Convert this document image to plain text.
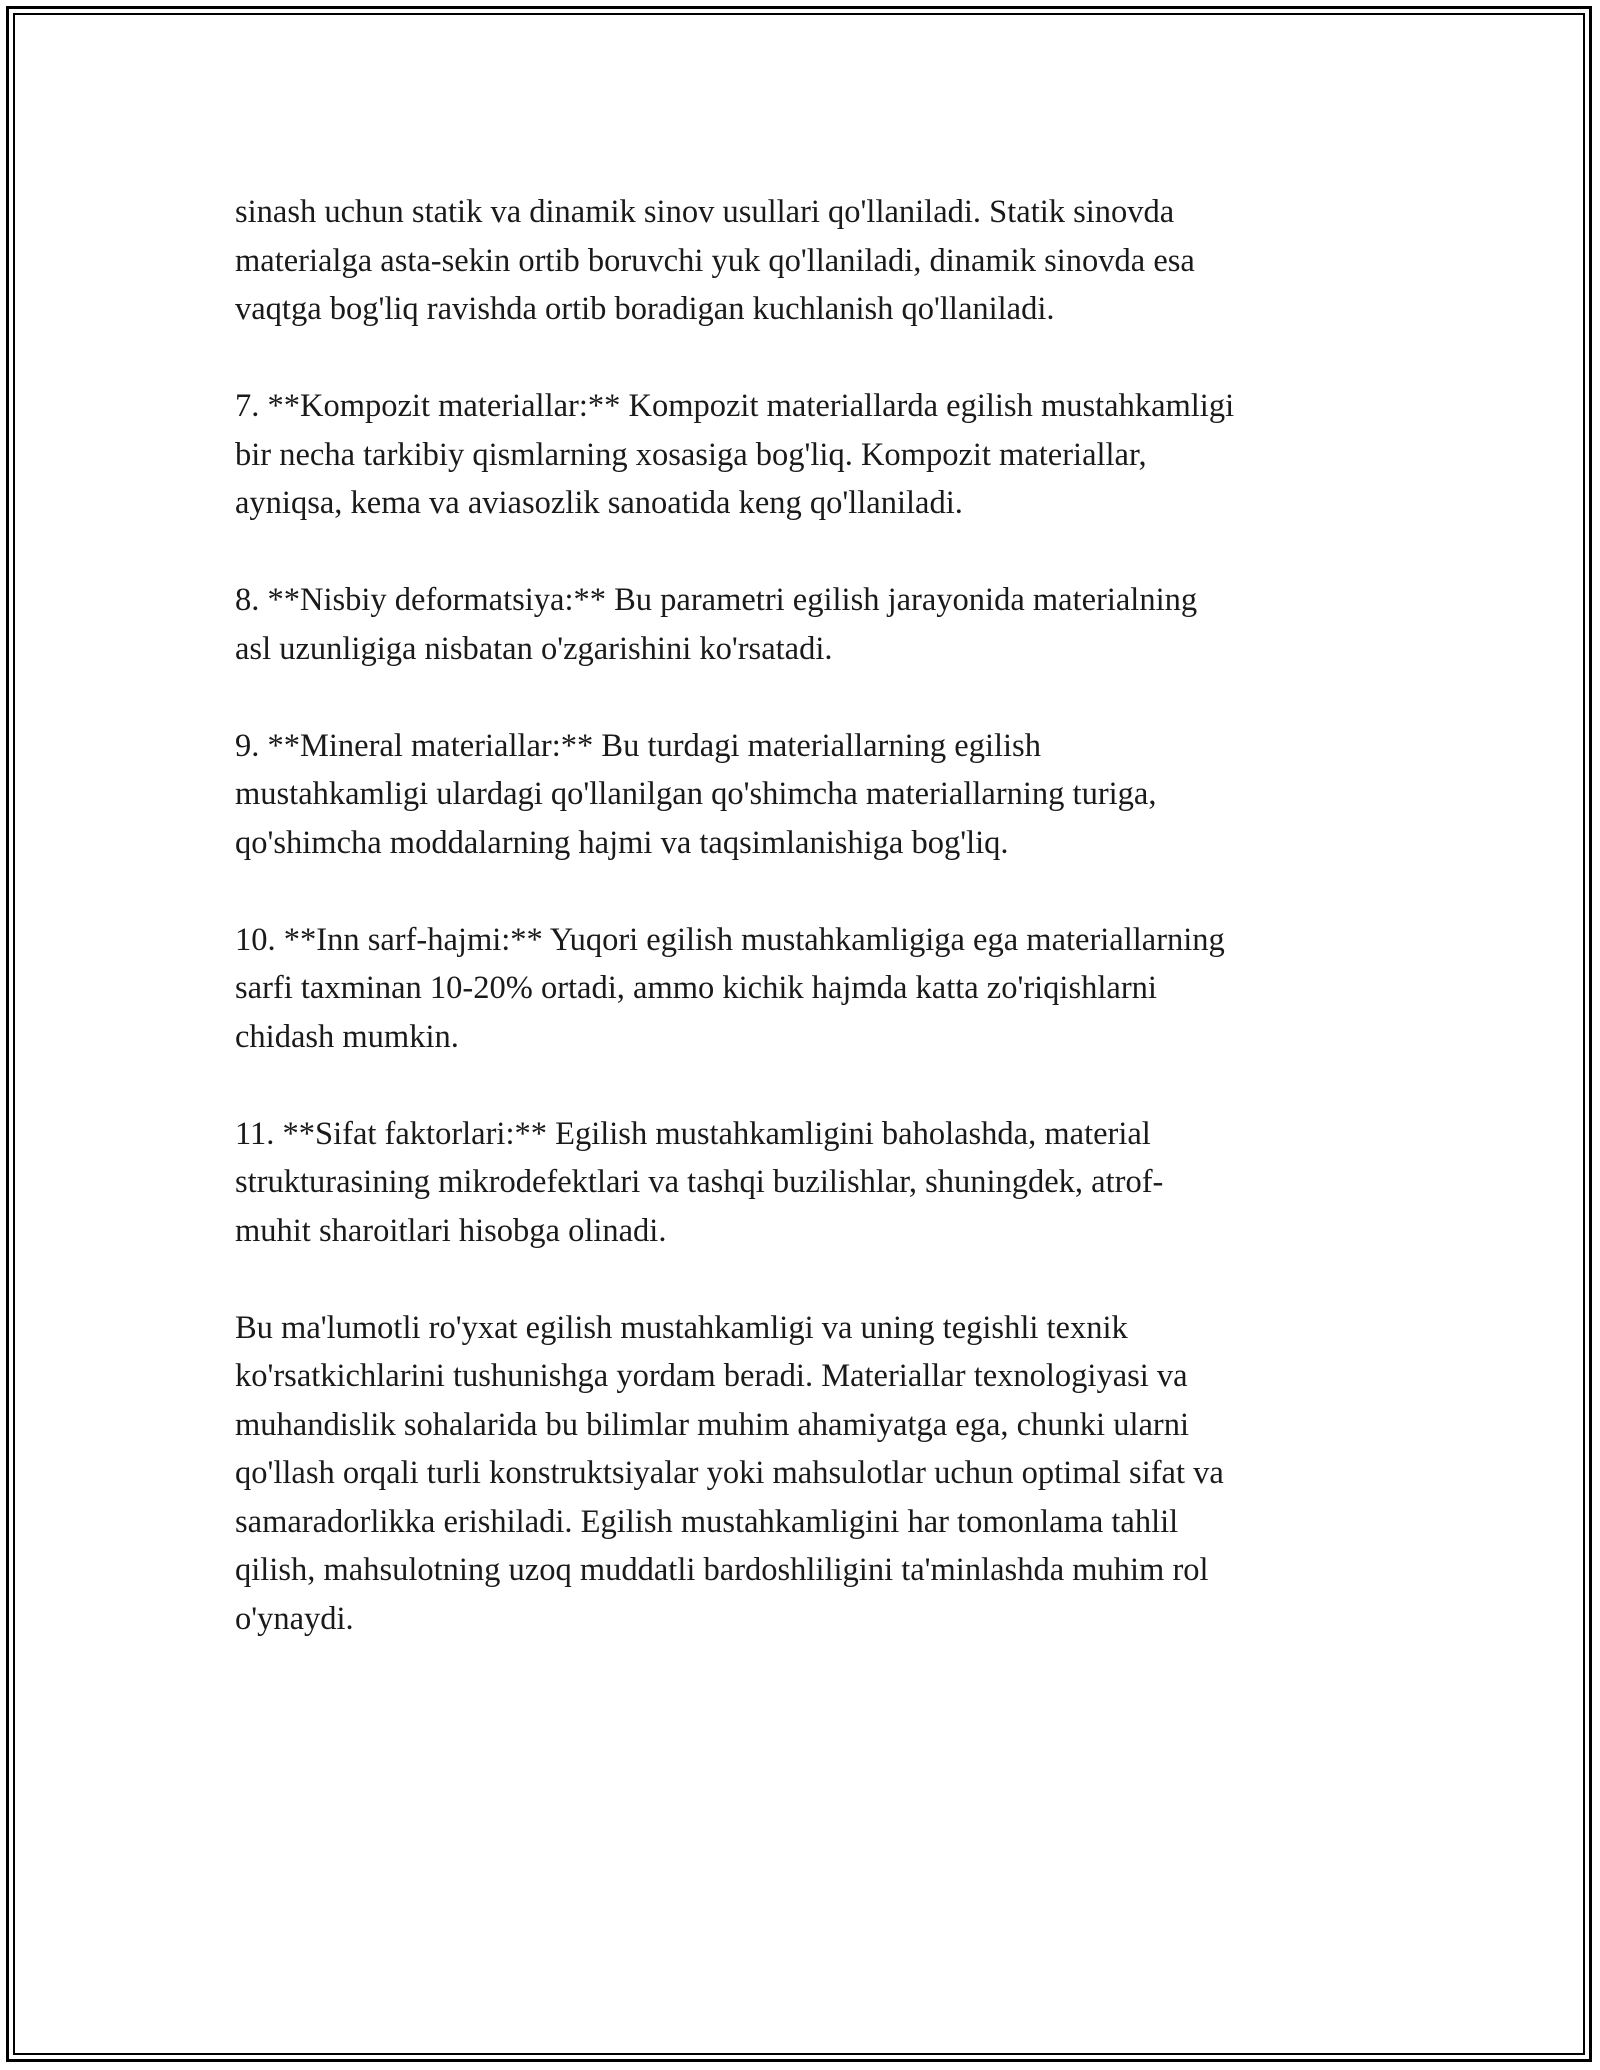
sinash uchun statik va dinamik sinov usullari qo'llaniladi. Statik sinovda
materialga asta-sekin ortib boruvchi yuk qo'llaniladi, dinamik sinovda esa
vaqtga bog'liq ravishda ortib boradigan kuchlanish qo'llaniladi.

7. **Kompozit materiallar:** Kompozit materiallarda egilish mustahkamligi
bir necha tarkibiy qismlarning xosasiga bog'liq. Kompozit materiallar,
ayniqsa, kema va aviasozlik sanoatida keng qo'llaniladi.

8. **Nisbiy deformatsiya:** Bu parametri egilish jarayonida materialning
asl uzunligiga nisbatan o'zgarishini ko'rsatadi.

9. **Mineral materiallar:** Bu turdagi materiallarning egilish
mustahkamligi ulardagi qo'llanilgan qo'shimcha materiallarning turiga,
qo'shimcha moddalarning hajmi va taqsimlanishiga bog'liq.

10. **Inn sarf-hajmi:** Yuqori egilish mustahkamligiga ega materiallarning
sarfi taxminan 10-20% ortadi, ammo kichik hajmda katta zo'riqishlarni
chidash mumkin.

11. **Sifat faktorlari:** Egilish mustahkamligini baholashda, material
strukturasining mikrodefektlari va tashqi buzilishlar, shuningdek, atrof-
muhit sharoitlari hisobga olinadi.

Bu ma'lumotli ro'yxat egilish mustahkamligi va uning tegishli texnik
ko'rsatkichlarini tushunishga yordam beradi. Materiallar texnologiyasi va
muhandislik sohalarida bu bilimlar muhim ahamiyatga ega, chunki ularni
qo'llash orqali turli konstruktsiyalar yoki mahsulotlar uchun optimal sifat va
samaradorlikka erishiladi. Egilish mustahkamligini har tomonlama tahlil
qilish, mahsulotning uzoq muddatli bardoshliligini ta'minlashda muhim rol
o'ynaydi.
